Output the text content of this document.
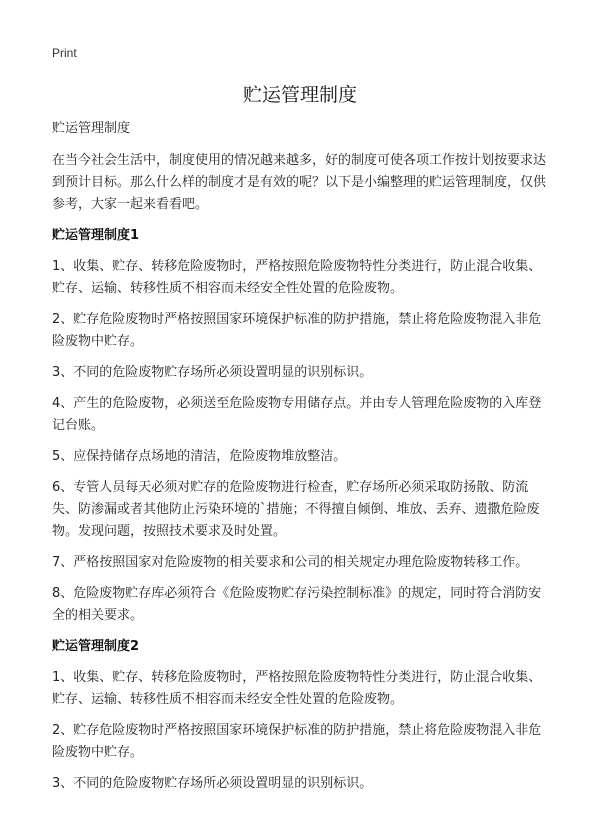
Print
贮运管理制度

贮运管理制度

在当今社会生活中，制度使用的情况越来越多，好的制度可使各项工作按计划按要求达到预计目标。那么什么样的制度才是有效的呢？以下是小编整理的贮运管理制度，仅供参考，大家一起来看看吧。

贮运管理制度1

1、收集、贮存、转移危险废物时，严格按照危险废物特性分类进行，防止混合收集、贮存、运输、转移性质不相容而未经安全性处置的危险废物。

2、贮存危险废物时严格按照国家环境保护标准的防护措施，禁止将危险废物混入非危险废物中贮存。

3、不同的危险废物贮存场所必须设置明显的识别标识。

4、产生的危险废物，必须送至危险废物专用储存点。并由专人管理危险废物的入库登记台账。

5、应保持储存点场地的清洁，危险废物堆放整洁。

6、专管人员每天必须对贮存的危险废物进行检查，贮存场所必须采取防扬散、防流失、防渗漏或者其他防止污染环境的`措施；不得擅自倾倒、堆放、丢弃、遗撒危险废物。发现问题，按照技术要求及时处置。

7、严格按照国家对危险废物的相关要求和公司的相关规定办理危险废物转移工作。

8、危险废物贮存库必须符合《危险废物贮存污染控制标准》的规定，同时符合消防安全的相关要求。

贮运管理制度2

1、收集、贮存、转移危险废物时，严格按照危险废物特性分类进行，防止混合收集、贮存、运输、转移性质不相容而未经安全性处置的危险废物。

2、贮存危险废物时严格按照国家环境保护标准的防护措施，禁止将危险废物混入非危险废物中贮存。

3、不同的危险废物贮存场所必须设置明显的识别标识。
